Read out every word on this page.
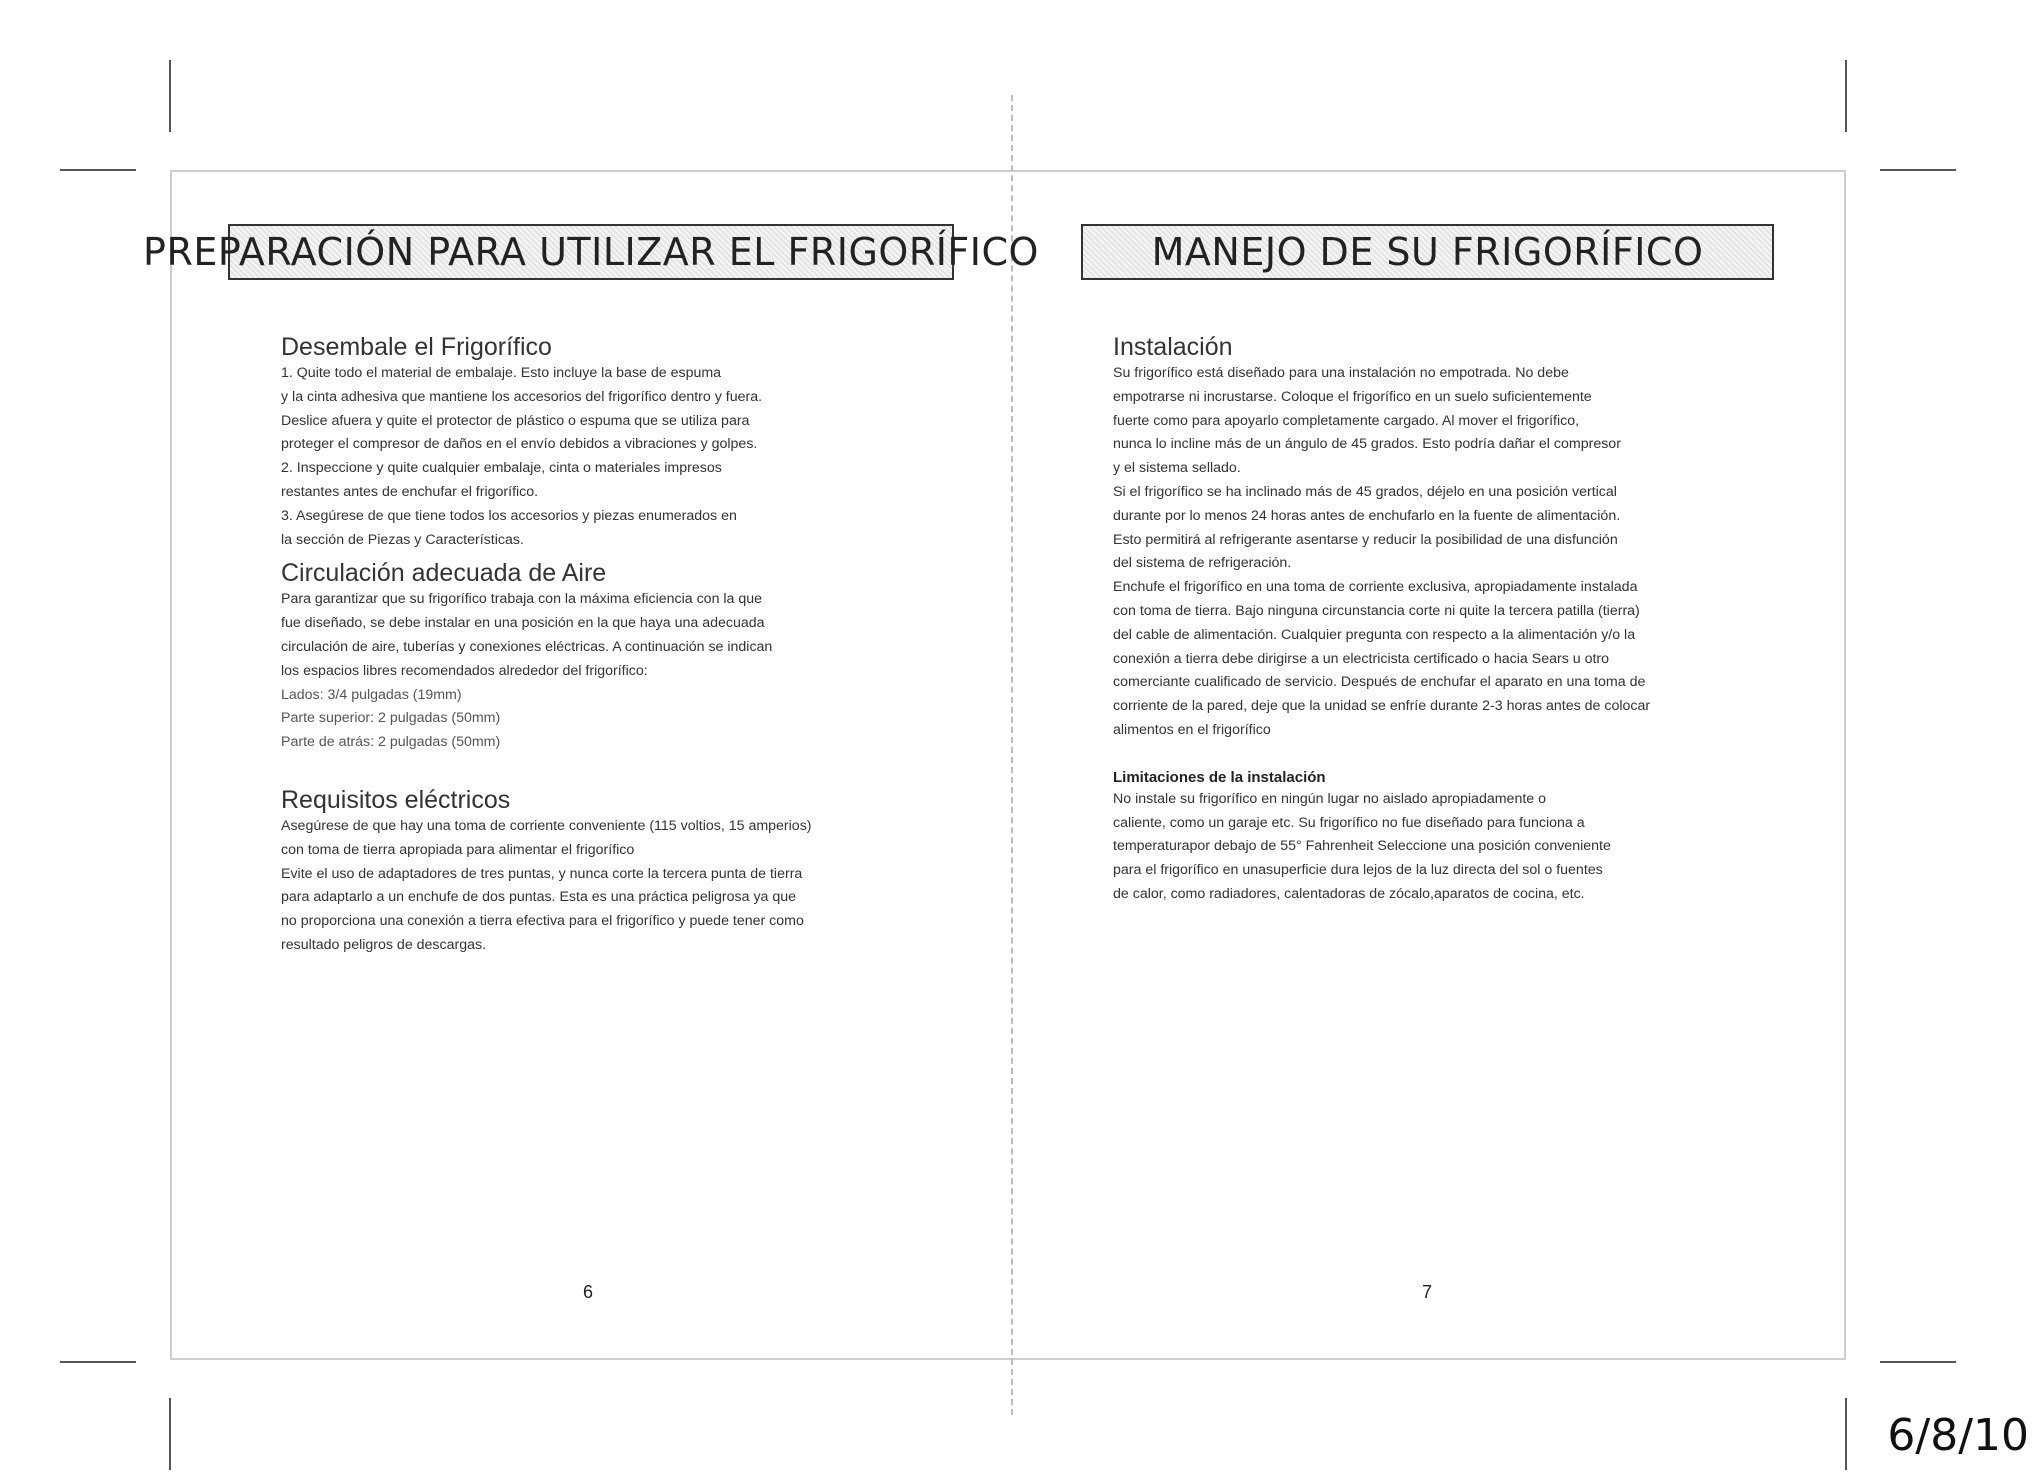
PREPARACIÓN PARA UTILIZAR EL FRIGORÍFICO

Desembale el Frigorífico

1. Quite todo el material de embalaje. Esto incluye la base de espuma

y la cinta adhesiva que mantiene los accesorios del frigorífico dentro y fuera.

Deslice afuera y quite el protector de plástico o espuma que se utiliza para

proteger el compresor de daños en el envío debidos a vibraciones y golpes.

2. Inspeccione y quite cualquier embalaje, cinta o materiales impresos

restantes antes de enchufar el frigorífico.

3. Asegúrese de que tiene todos los accesorios y piezas enumerados en

la sección de Piezas y Características.

Circulación adecuada de Aire

Para garantizar que su frigorífico trabaja con la máxima eficiencia con la que

fue diseñado, se debe instalar en una posición en la que haya una adecuada

circulación de aire, tuberías y conexiones eléctricas. A continuación se indican

los espacios libres recomendados alrededor del frigorífico:

Lados: 3/4 pulgadas (19mm)

Parte superior: 2 pulgadas (50mm)

Parte de atrás: 2 pulgadas (50mm)

Requisitos eléctricos

Asegúrese de que hay una toma de corriente conveniente (115 voltios, 15 amperios)

con toma de tierra apropiada para alimentar el frigorífico

Evite el uso de adaptadores de tres puntas, y nunca corte la tercera punta de tierra

para adaptarlo a un enchufe de dos puntas. Esta es una práctica peligrosa ya que

no proporciona una conexión a tierra efectiva para el frigorífico y puede tener como

resultado peligros de descargas.

6
MANEJO DE SU FRIGORÍFICO

Instalación

Su frigorífico está diseñado para una instalación no empotrada. No debe

empotrarse ni incrustarse. Coloque el frigorífico en un suelo suficientemente

fuerte como para apoyarlo completamente cargado. Al mover el frigorífico,

nunca lo incline más de un ángulo de 45 grados. Esto podría dañar el compresor

y el sistema sellado.

Si el frigorífico se ha inclinado más de 45 grados, déjelo en una posición vertical

durante por lo menos 24 horas antes de enchufarlo en la fuente de alimentación.

Esto permitirá al refrigerante asentarse y reducir la posibilidad de una disfunción

del sistema de refrigeración.

Enchufe el frigorífico en una toma de corriente exclusiva, apropiadamente instalada

con toma de tierra. Bajo ninguna circunstancia corte ni quite la tercera patilla (tierra)

del cable de alimentación. Cualquier pregunta con respecto a la alimentación y/o la

conexión a tierra debe dirigirse a un electricista certificado o hacia Sears u otro

comerciante cualificado de servicio. Después de enchufar el aparato en una toma de

corriente de la pared, deje que la unidad se enfríe durante 2-3 horas antes de colocar

alimentos en el frigorífico

Limitaciones de la instalación

No instale su frigorífico en ningún lugar no aislado apropiadamente o

caliente, como un garaje etc. Su frigorífico no fue diseñado para funciona a

temperaturapor debajo de 55° Fahrenheit Seleccione una posición conveniente

para el frigorífico en unasuperficie dura lejos de la luz directa del sol o fuentes

de calor, como radiadores, calentadoras de zócalo,aparatos de cocina, etc.

7
6/8/10
